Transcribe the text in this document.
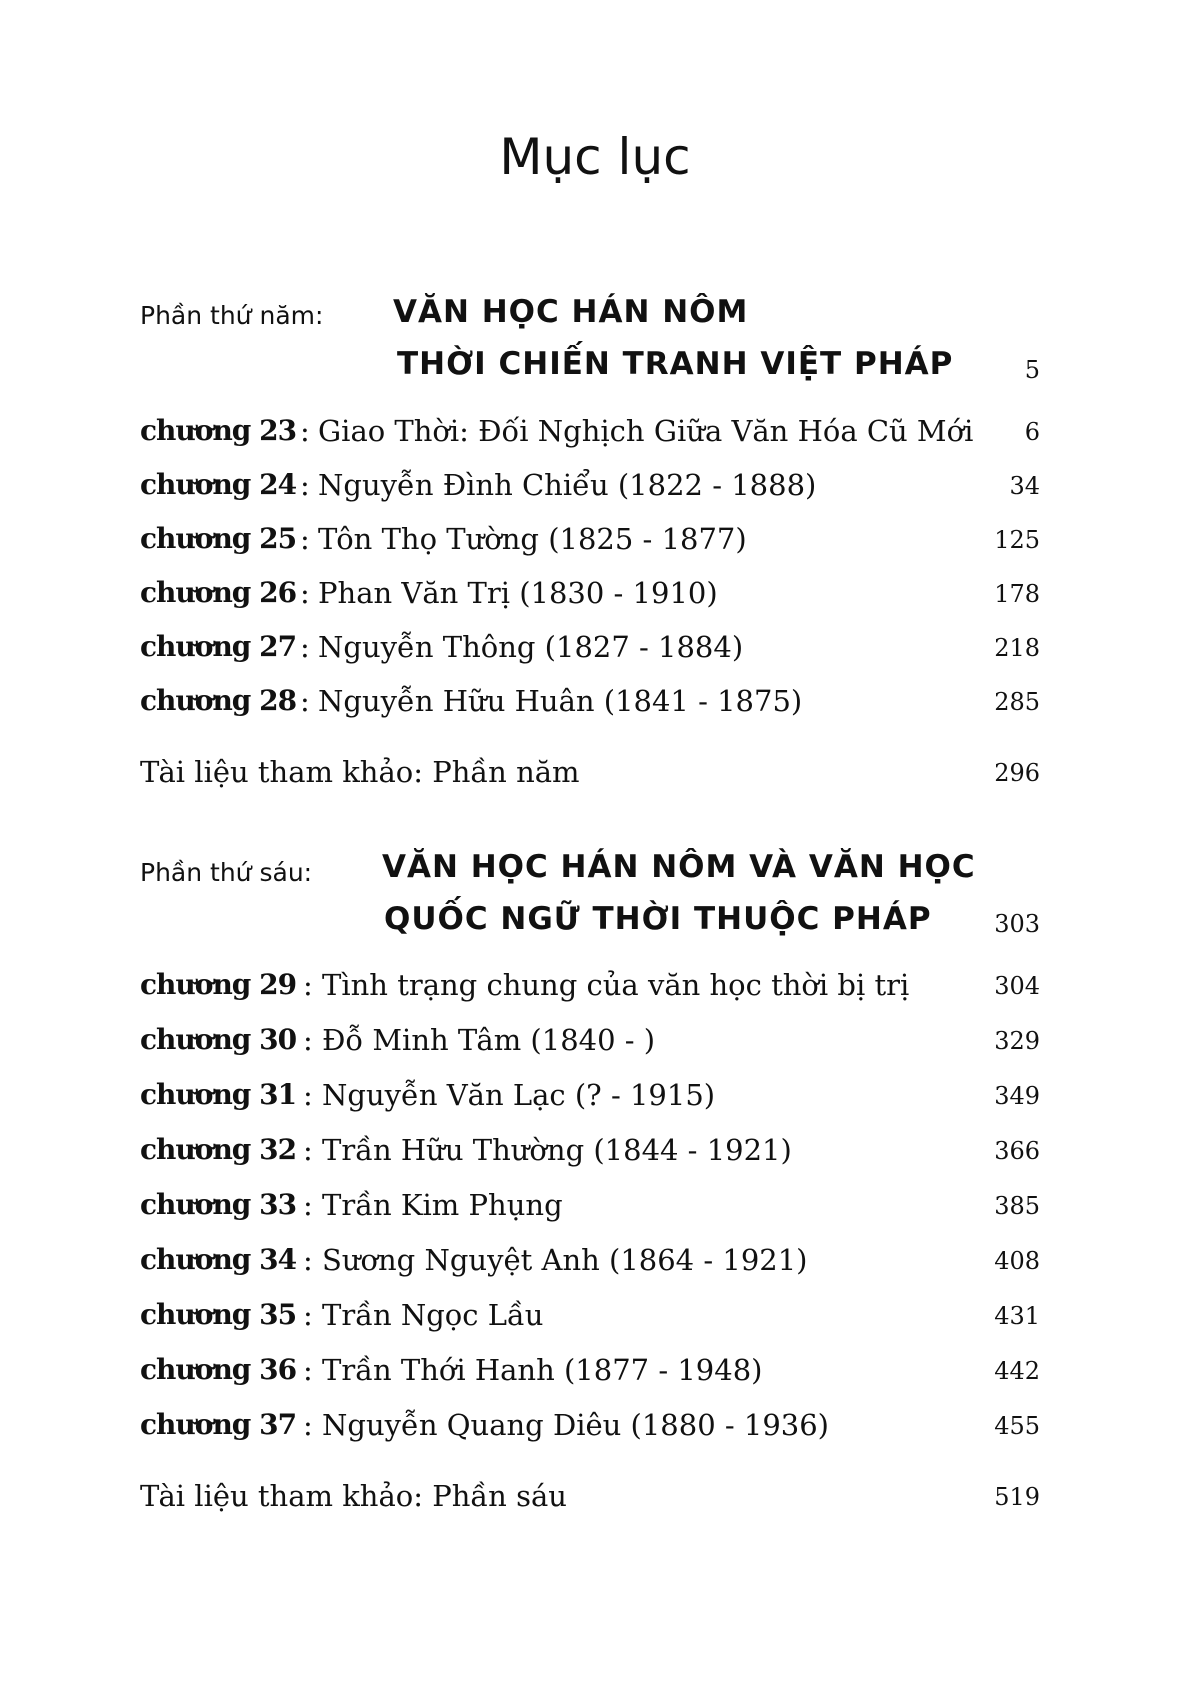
Mục lục
Phần thứ năm: VĂN HỌC HÁN NÔM
THỜI CHIẾN TRANH VIỆT PHÁP	5
chương 23 : Giao Thời: Đối Nghịch Giữa Văn Hóa Cũ Mới 6
chương 24 : Nguyễn Đình Chiểu (1822 - 1888)	34
chương 25 : Tôn Thọ Tường (1825 - 1877)	125
chương 26 : Phan Văn Trị (1830 - 1910)	178
chương 27 : Nguyễn Thông (1827 - 1884)	218
chương 28 : Nguyễn Hữu Huân (1841 - 1875)	285
Tài liệu tham khảo: Phần năm	296
Phần thứ sáu: VĂN HỌC HÁN NÔM VÀ VĂN HỌC
QUỐC NGỮ THỜI THUỘC PHÁP	303
chương 29 : Tình trạng chung của văn học thời bị trị	304
chương 30 : Đỗ Minh Tâm (1840 - )	329
chương 31 : Nguyễn Văn Lạc (? - 1915)	349
chương 32 : Trần Hữu Thường (1844 - 1921)	366
chương 33 : Trần Kim Phụng	385
chương 34 : Sương Nguyệt Anh (1864 - 1921)	408
chương 35 : Trần Ngọc Lầu	431
chương 36 : Trần Thới Hanh (1877 - 1948)	442
chương 37 : Nguyễn Quang Diêu (1880 - 1936)	455
Tài liệu tham khảo: Phần sáu	519
